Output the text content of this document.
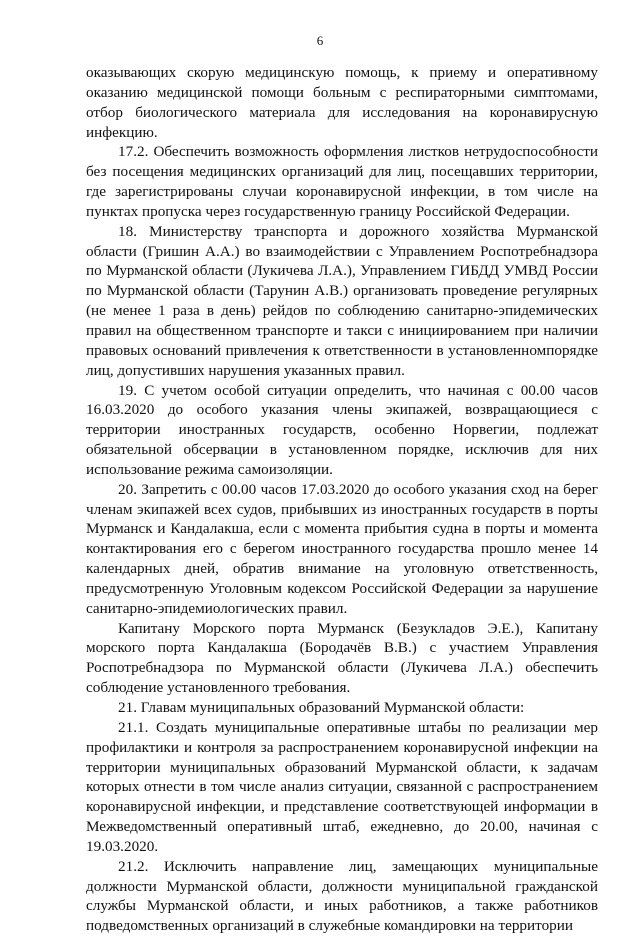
6

оказывающих скорую медицинскую помощь, к приему и оперативному оказанию медицинской помощи больным с респираторными симптомами, отбор биологического материала для исследования на коронавирусную инфекцию.

17.2. Обеспечить возможность оформления листков нетрудоспособности без посещения медицинских организаций для лиц, посещавших территории, где зарегистрированы случаи коронавирусной инфекции, в том числе на пунктах пропуска через государственную границу Российской Федерации.

18. Министерству транспорта и дорожного хозяйства Мурманской области (Гришин А.А.) во взаимодействии с Управлением Роспотребнадзора по Мурманской области (Лукичева Л.А.), Управлением ГИБДД УМВД России по Мурманской области (Тарунин А.В.) организовать проведение регулярных (не менее 1 раза в день) рейдов по соблюдению санитарно-эпидемических правил на общественном транспорте и такси с инициированием при наличии правовых оснований привлечения к ответственности в установленномпорядке лиц, допустивших нарушения указанных правил.

19. С учетом особой ситуации определить, что начиная с 00.00 часов 16.03.2020 до особого указания члены экипажей, возвращающиеся с территории иностранных государств, особенно Норвегии, подлежат обязательной обсервации в установленном порядке, исключив для них использование режима самоизоляции.

20. Запретить с 00.00 часов 17.03.2020 до особого указания сход на берег членам экипажей всех судов, прибывших из иностранных государств в порты Мурманск и Кандалакша, если с момента прибытия судна в порты и момента контактирования его с берегом иностранного государства прошло менее 14 календарных дней, обратив внимание на уголовную ответственность, предусмотренную Уголовным кодексом Российской Федерации за нарушение санитарно-эпидемиологических правил.

Капитану Морского порта Мурманск (Безукладов Э.Е.), Капитану морского порта Кандалакша (Бородачёв В.В.) с участием Управления Роспотребнадзора по Мурманской области (Лукичева Л.А.) обеспечить соблюдение установленного требования.

21. Главам муниципальных образований Мурманской области:

21.1. Создать муниципальные оперативные штабы по реализации мер профилактики и контроля за распространением коронавирусной инфекции на территории муниципальных образований Мурманской области, к задачам которых отнести в том числе анализ ситуации, связанной с распространением коронавирусной инфекции, и представление соответствующей информации в Межведомственный оперативный штаб, ежедневно, до 20.00, начиная с 19.03.2020.

21.2. Исключить направление лиц, замещающих муниципальные должности Мурманской области, должности муниципальной гражданской службы Мурманской области, и иных работников, а также работников подведомственных организаций в служебные командировки на территории
